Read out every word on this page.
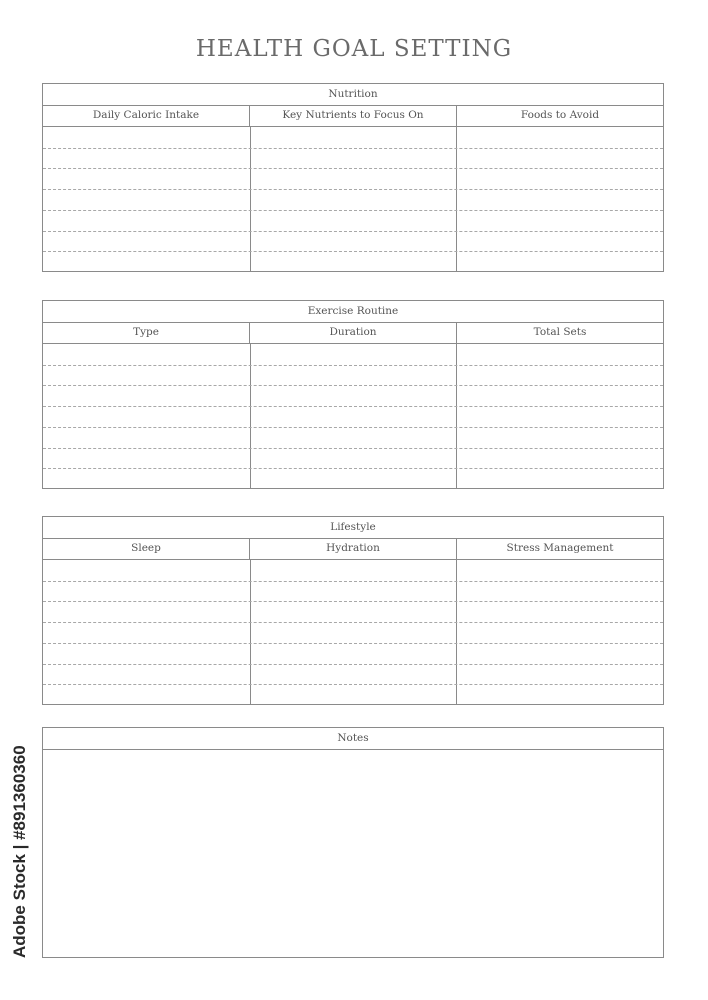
HEALTH GOAL SETTING
Nutrition
Daily Caloric Intake	Key Nutrients to Focus On	Foods to Avoid
Exercise Routine
Type	Duration	Total Sets
Lifestyle
Sleep	Hydration	Stress Management
Notes
Adobe Stock | #891360360
